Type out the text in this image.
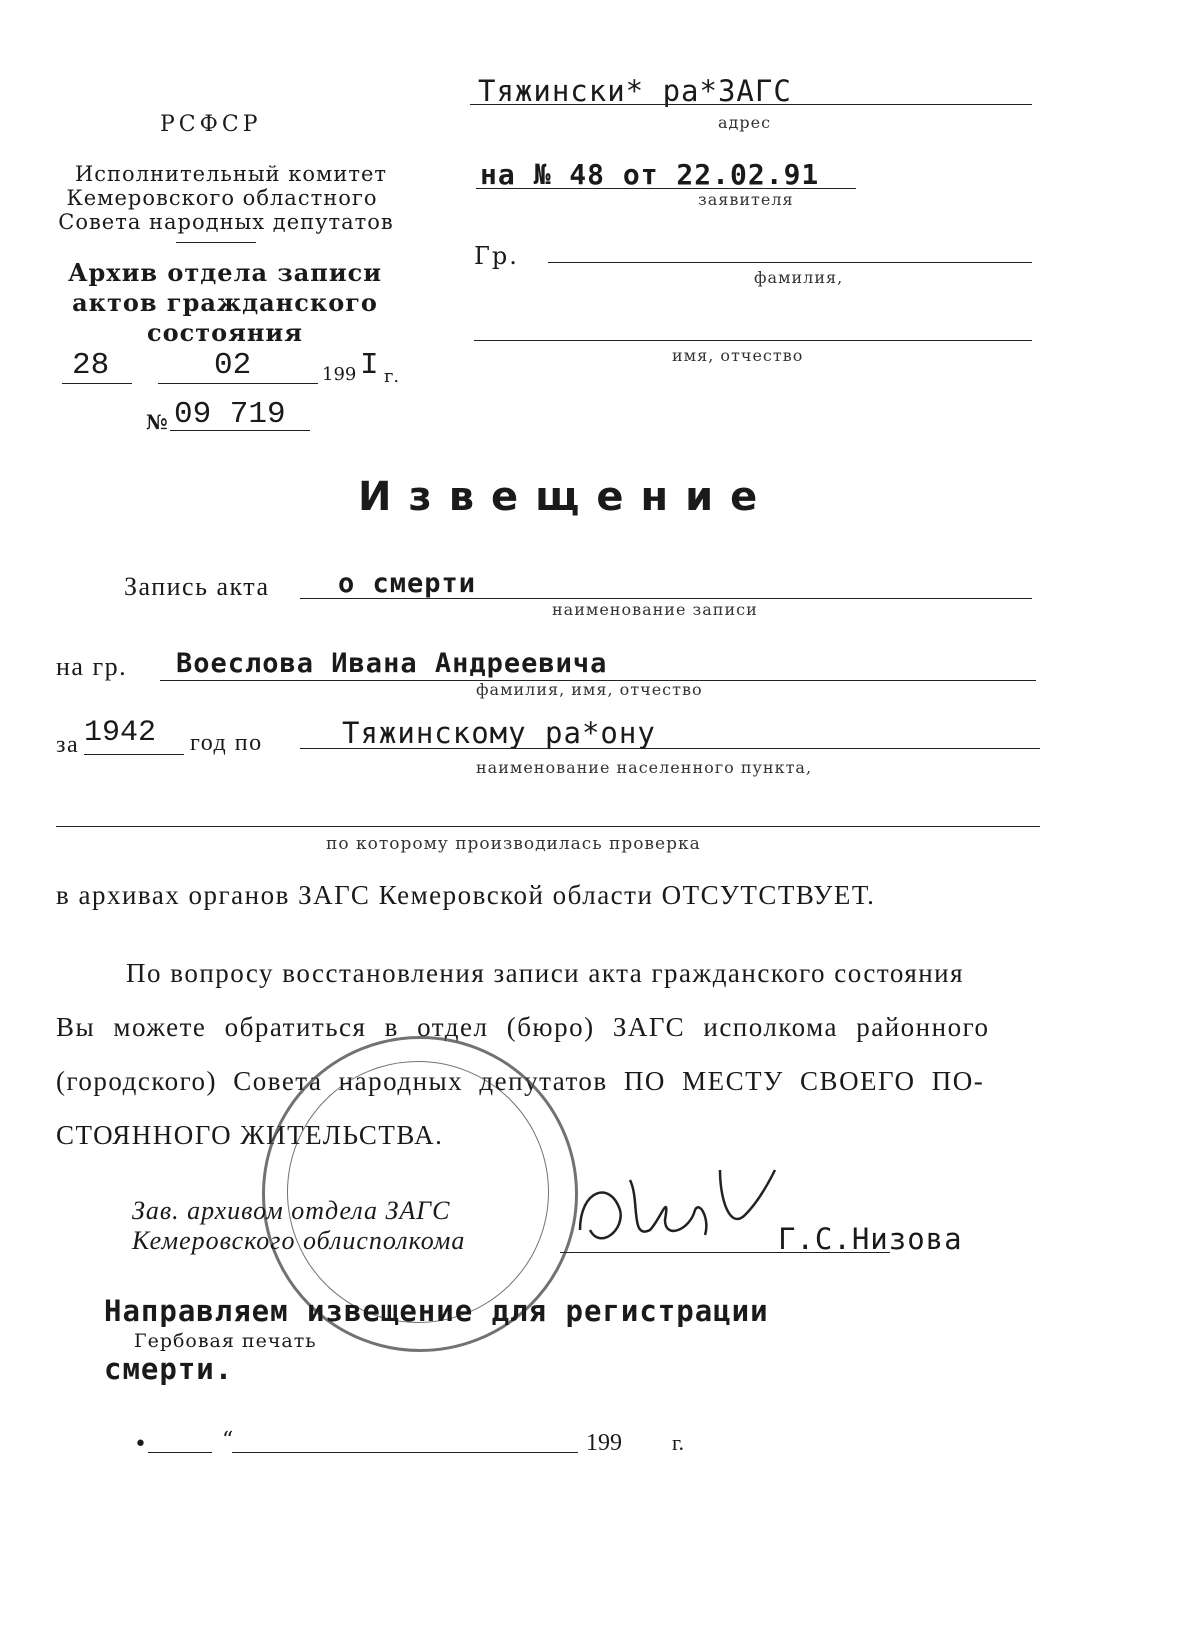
РСФСР
Исполнительный комитет
Кемеровского областного
Совета народных депутатов
Архив отдела записи
актов гражданского
состояния
28	02	199 I г.
№ 09 719
Тяжински* ра*ЗАГС
адрес
на № 48 от 22.02.91
заявителя
Гр.
фамилия,
имя, отчество
Извещение
Запись акта	о смерти
наименование записи
на гр. Воеслова Ивана Андреевича
фамилия, имя, отчество
за 1942 год по	Тяжинскому ра*ону
наименование населенного пункта,
по которому производилась проверка
в архивах органов ЗАГС Кемеровской области ОТСУТСТВУЕТ.
По вопросу восстановления записи акта гражданского состояния
Вы можете обратиться в отдел (бюро) ЗАГС исполкома районного
(городского) Совета народных депутатов ПО МЕСТУ СВОЕГО ПО-
СТОЯННОГО ЖИТЕЛЬСТВА.
Зав. архивом отдела ЗАГС
Кемеровского облисполкома	Г.С.Низова
Направляем извещение для регистрации
Гербовая печать
смерти.
•	“	199 г.
